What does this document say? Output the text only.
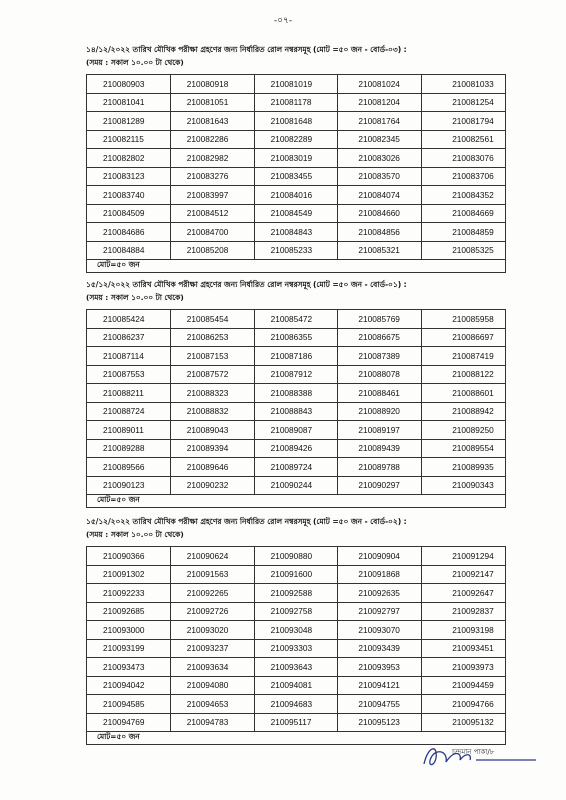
-০৭-
১৪/১২/২০২২ তারিখ মৌখিক পরীক্ষা গ্রহণের জন্য নির্ধারিত রোল নম্বরসমূহ (মোট =৫০ জন - বোর্ড-০৩) :
(সময় : সকাল ১০.০০ টা থেকে)
210080903	210080918	210081019	210081024	210081033
210081041	210081051	210081178	210081204	210081254
210081289	210081643	210081648	210081764	210081794
210082115	210082286	210082289	210082345	210082561
210082802	210082982	210083019	210083026	210083076
210083123	210083276	210083455	210083570	210083706
210083740	210083997	210084016	210084074	210084352
210084509	210084512	210084549	210084660	210084669
210084686	210084700	210084843	210084856	210084859
210084884	210085208	210085233	210085321	210085325
মোট=৫০ জন				
১৫/১২/২০২২ তারিখ মৌখিক পরীক্ষা গ্রহণের জন্য নির্ধারিত রোল নম্বরসমূহ (মোট =৫০ জন - বোর্ড-০১) :
(সময় : সকাল ১০.০০ টা থেকে)
210085424	210085454	210085472	210085769	210085958
210086237	210086253	210086355	210086675	210086697
210087114	210087153	210087186	210087389	210087419
210087553	210087572	210087912	210088078	210088122
210088211	210088323	210088388	210088461	210088601
210088724	210088832	210088843	210088920	210088942
210089011	210089043	210089087	210089197	210089250
210089288	210089394	210089426	210089439	210089554
210089566	210089646	210089724	210089788	210089935
210090123	210090232	210090244	210090297	210090343
মোট=৫০ জন				
১৫/১২/২০২২ তারিখ মৌখিক পরীক্ষা গ্রহণের জন্য নির্ধারিত রোল নম্বরসমূহ (মোট =৫০ জন - বোর্ড-০২) :
(সময় : সকাল ১০.০০ টা থেকে)
210090366	210090624	210090880	210090904	210091294
210091302	210091563	210091600	210091868	210092147
210092233	210092265	210092588	210092635	210092647
210092685	210092726	210092758	210092797	210092837
210093000	210093020	210093048	210093070	210093198
210093199	210093237	210093303	210093439	210093451
210093473	210093634	210093643	210093953	210093973
210094042	210094080	210094081	210094121	210094459
210094585	210094653	210094683	210094755	210094766
210094769	210094783	210095117	210095123	210095132
মোট=৫০ জন				
চন্দমান পাকা/৮
